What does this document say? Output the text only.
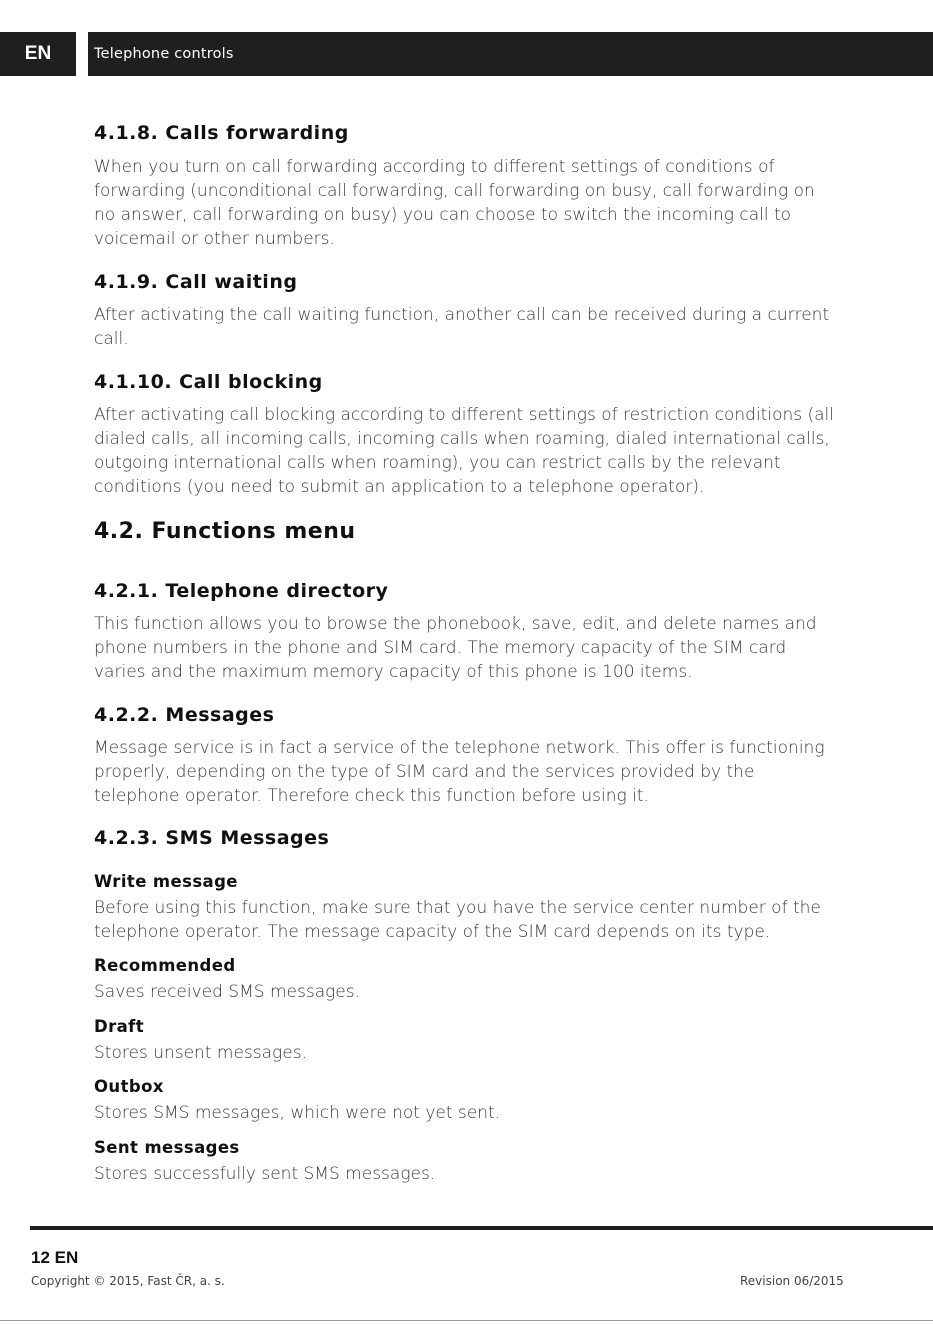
EN	Telephone controls
4.1.8. Calls forwarding

When you turn on call forwarding according to different settings of conditions of forwarding (unconditional call forwarding, call forwarding on busy, call forwarding on no answer, call forwarding on busy) you can choose to switch the incoming call to voicemail or other numbers.

4.1.9. Call waiting

After activating the call waiting function, another call can be received during a current call.

4.1.10. Call blocking

After activating call blocking according to different settings of restriction conditions (all dialed calls, all incoming calls, incoming calls when roaming, dialed international calls, outgoing international calls when roaming), you can restrict calls by the relevant conditions (you need to submit an application to a telephone operator).

4.2. Functions menu
4.2.1. Telephone directory

This function allows you to browse the phonebook, save, edit, and delete names and phone numbers in the phone and SIM card. The memory capacity of the SIM card varies and the maximum memory capacity of this phone is 100 items.

4.2.2. Messages

Message service is in fact a service of the telephone network. This offer is functioning properly, depending on the type of SIM card and the services provided by the telephone operator. Therefore check this function before using it.

4.2.3. SMS Messages
Write message

Before using this function, make sure that you have the service center number of the telephone operator. The message capacity of the SIM card depends on its type.

Recommended

Saves received SMS messages.

Draft

Stores unsent messages.

Outbox

Stores SMS messages, which were not yet sent.

Sent messages

Stores successfully sent SMS messages.

12 EN
Copyright © 2015, Fast ČR, a. s.	Revision 06/2015
